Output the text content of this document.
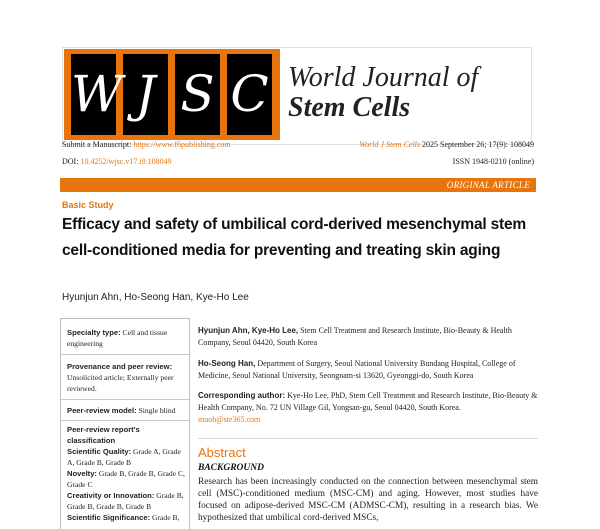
W J S C World Journal of
Stem Cells
Submit a Manuscript: https://www.f6publishing.com	World J Stem Cells 2025 September 26; 17(9): 108049
DOI: 10.4252/wjsc.v17.i9.108049	ISSN 1948-0210 (online)
ORIGINAL ARTICLE
Basic Study
Efficacy and safety of umbilical cord-derived mesenchymal stem cell-conditioned media for preventing and treating skin aging
Hyunjun Ahn, Ho-Seong Han, Kye-Ho Lee
Specialty type: Cell and tissue engineering
Provenance and peer review:
Unsolicited article; Externally peer reviewed.
Peer-review model: Single blind
Peer-review report's classification
Scientific Quality: Grade A, Grade A, Grade B, Grade B
Novelty: Grade B, Grade B, Grade C, Grade C
Creativity or Innovation: Grade B, Grade B, Grade B, Grade B
Scientific Significance: Grade B,
Hyunjun Ahn, Kye-Ho Lee, Stem Cell Treatment and Research Institute, Bio-Beauty & Health Company, Seoul 04420, South Korea
Ho-Seong Han, Department of Surgery, Seoul National University Bundang Hospital, College of Medicine, Seoul National University, Seongnam-si 13620, Gyeonggi-do, South Korea
Corresponding author: Kye-Ho Lee, PhD, Stem Cell Treatment and Research Institute, Bio-Beauty & Health Company, No. 72 UN Village Gil, Yongsan-gu, Seoul 04420, South Korea.
muoh@ste365.com
Abstract
BACKGROUND
Research has been increasingly conducted on the connection between mesenchymal stem cell (MSC)-conditioned medium (MSC-CM) and aging. However, most studies have focused on adipose-derived MSC-CM (ADMSC-CM), resulting in a research bias. We hypothesized that umbilical cord-derived MSCs,
